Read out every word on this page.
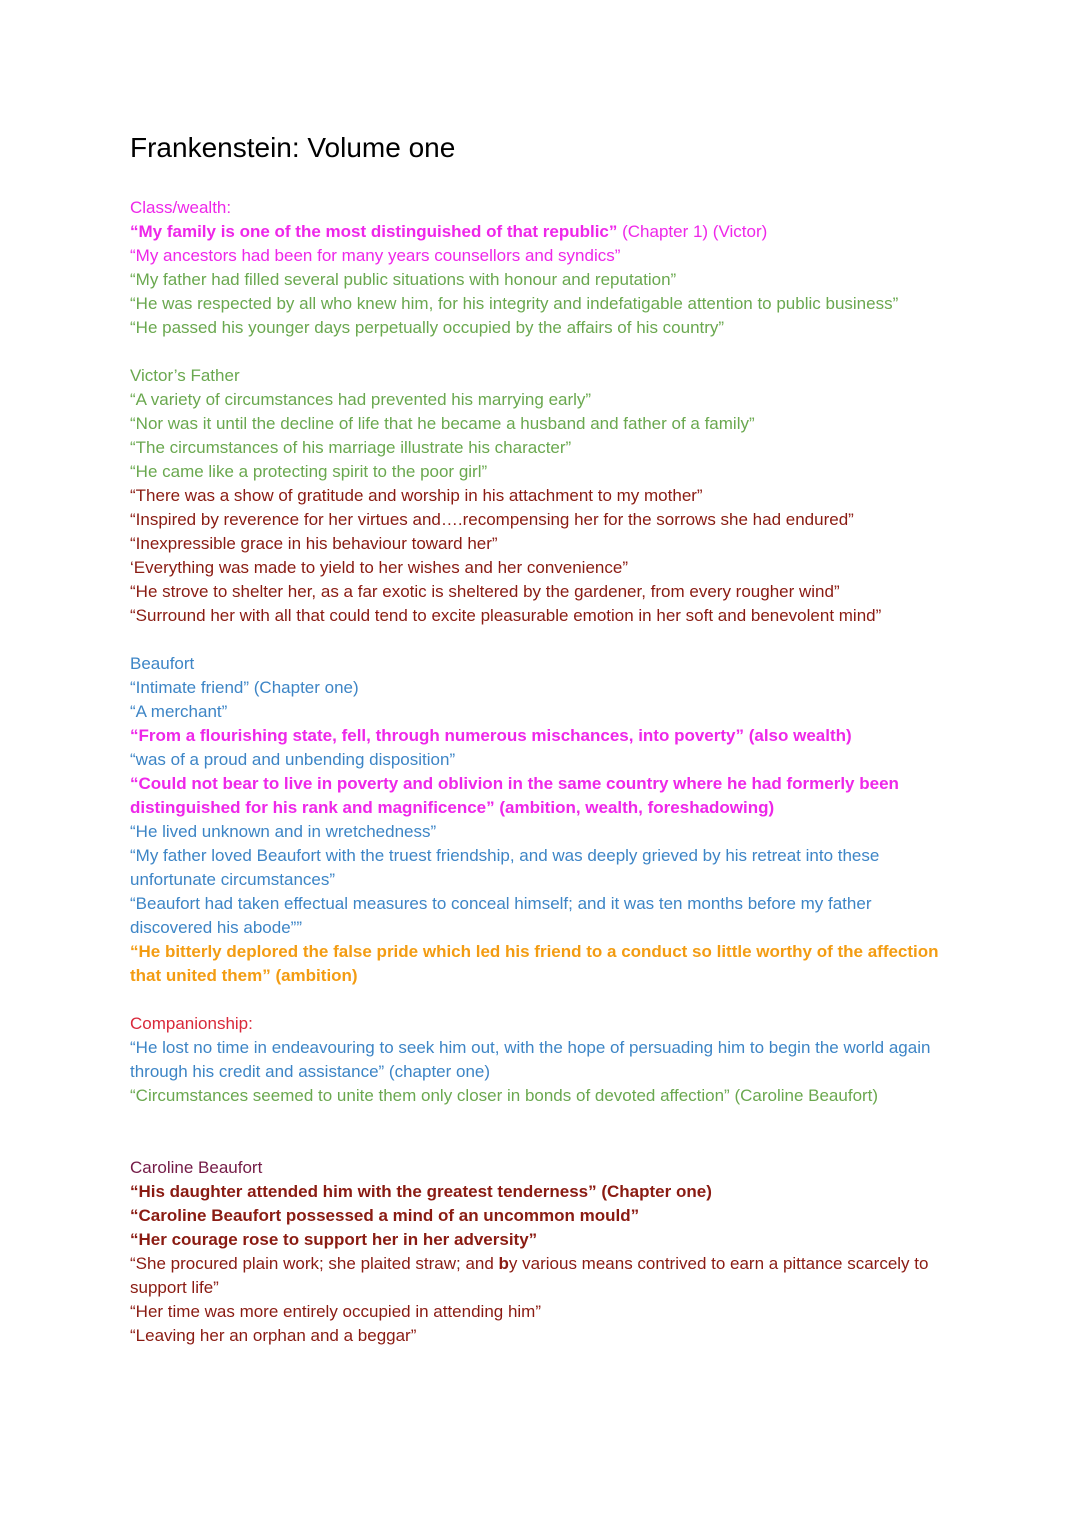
Frankenstein: Volume one

Class/wealth:

“My family is one of the most distinguished of that republic” (Chapter 1) (Victor)

“My ancestors had been for many years counsellors and syndics”

“My father had filled several public situations with honour and reputation”

“He was respected by all who knew him, for his integrity and indefatigable attention to public business”

“He passed his younger days perpetually occupied by the affairs of his country”

Victor’s Father

“A variety of circumstances had prevented his marrying early”

“Nor was it until the decline of life that he became a husband and father of a family”

“The circumstances of his marriage illustrate his character”

“He came like a protecting spirit to the poor girl”

“There was a show of gratitude and worship in his attachment to my mother”

“Inspired by reverence for her virtues and….recompensing her for the sorrows she had endured”

“Inexpressible grace in his behaviour toward her”

‘Everything was made to yield to her wishes and her convenience”

“He strove to shelter her, as a far exotic is sheltered by the gardener, from every rougher wind”

“Surround her with all that could tend to excite pleasurable emotion in her soft and benevolent mind”

Beaufort

“Intimate friend” (Chapter one)

“A merchant”

“From a flourishing state, fell, through numerous mischances, into poverty” (also wealth)

“was of a proud and unbending disposition”

“Could not bear to live in poverty and oblivion in the same country where he had formerly been distinguished for his rank and magnificence” (ambition, wealth, foreshadowing)

“He lived unknown and in wretchedness”

“My father loved Beaufort with the truest friendship, and was deeply grieved by his retreat into these unfortunate circumstances”

“Beaufort had taken effectual measures to conceal himself; and it was ten months before my father discovered his abode””

“He bitterly deplored the false pride which led his friend to a conduct so little worthy of the affection that united them” (ambition)

Companionship:

“He lost no time in endeavouring to seek him out, with the hope of persuading him to begin the world again through his credit and assistance” (chapter one)

“Circumstances seemed to unite them only closer in bonds of devoted affection” (Caroline Beaufort)

Caroline Beaufort

“His daughter attended him with the greatest tenderness” (Chapter one)

“Caroline Beaufort possessed a mind of an uncommon mould”

“Her courage rose to support her in her adversity”

“She procured plain work; she plaited straw; and by various means contrived to earn a pittance scarcely to support life”

“Her time was more entirely occupied in attending him”

“Leaving her an orphan and a beggar”
